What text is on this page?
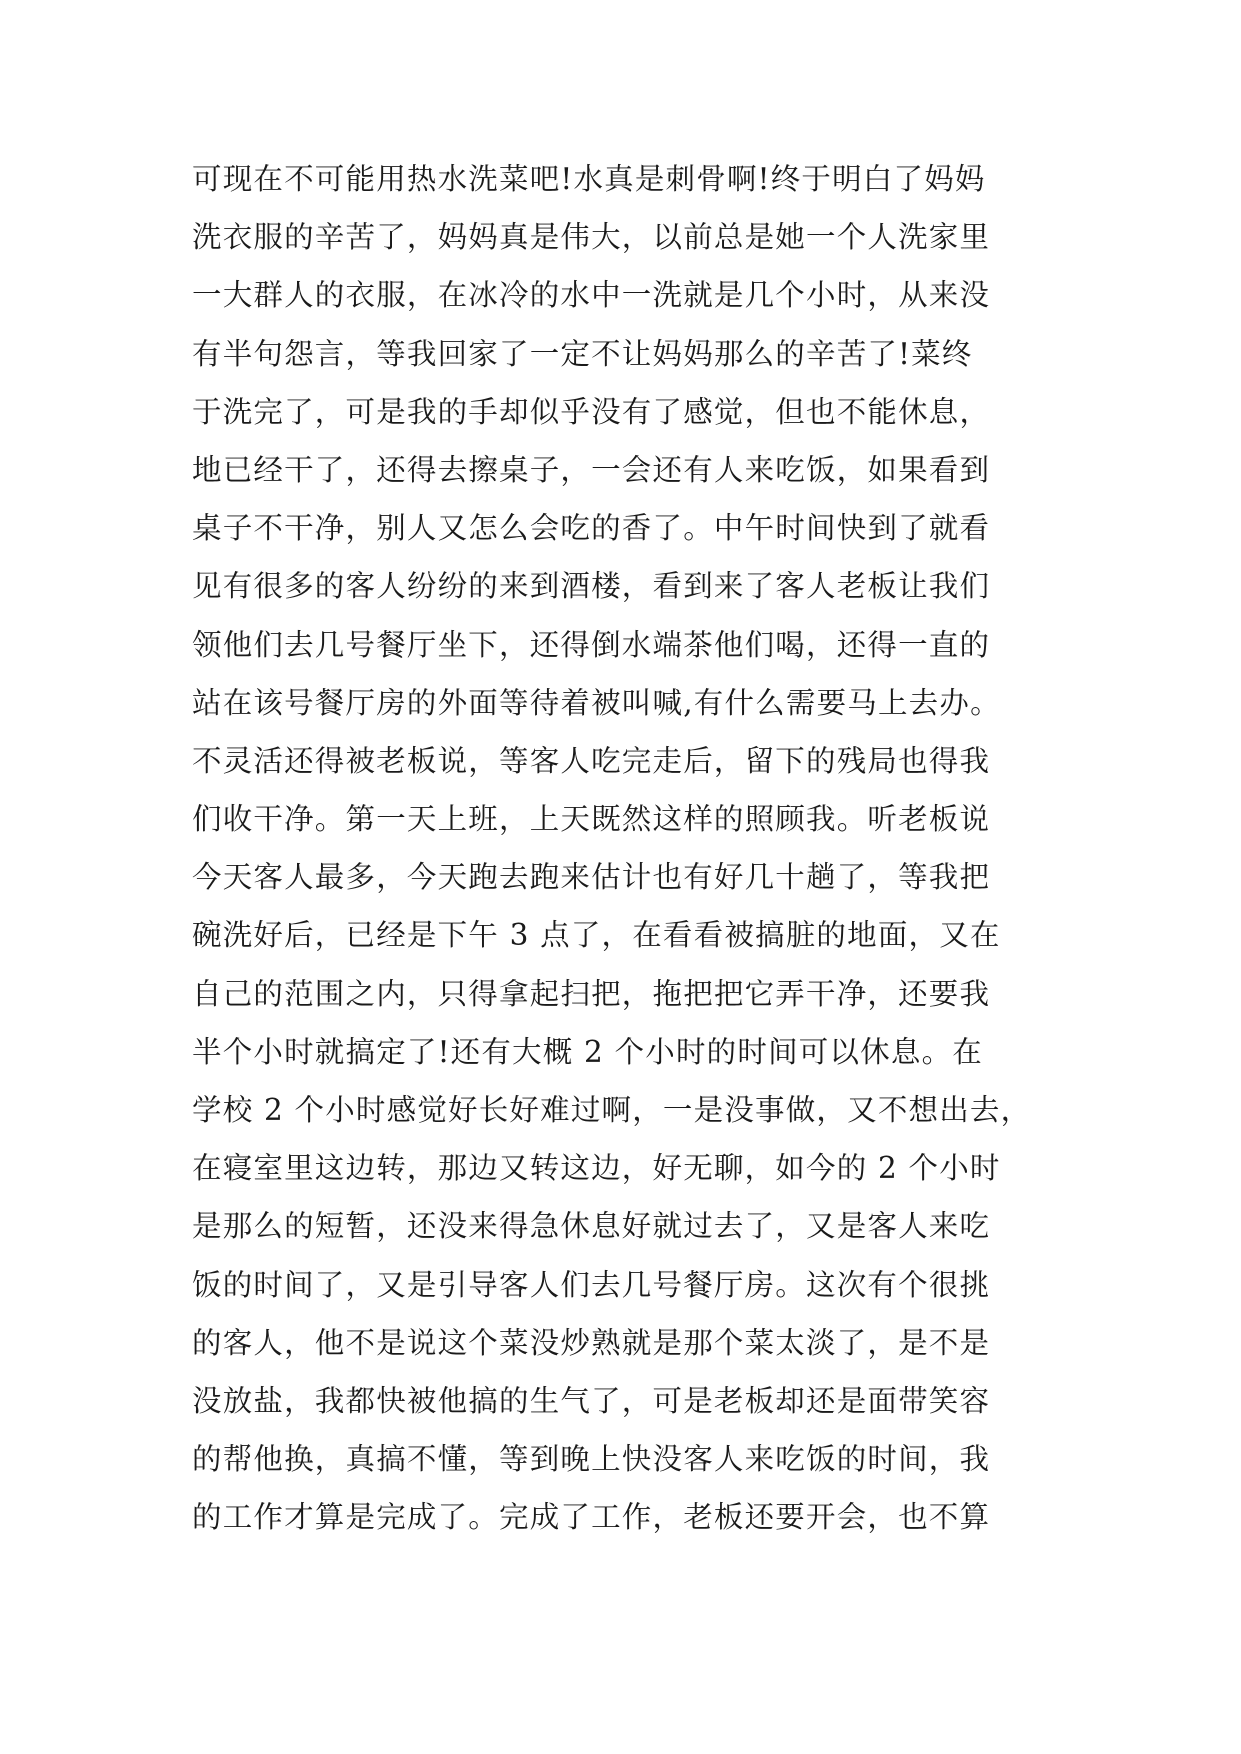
可现在不可能用热水洗菜吧!水真是刺骨啊!终于明白了妈妈
洗衣服的辛苦了，妈妈真是伟大，以前总是她一个人洗家里
一大群人的衣服，在冰冷的水中一洗就是几个小时，从来没
有半句怨言，等我回家了一定不让妈妈那么的辛苦了!菜终
于洗完了，可是我的手却似乎没有了感觉，但也不能休息，
地已经干了，还得去擦桌子，一会还有人来吃饭，如果看到
桌子不干净，别人又怎么会吃的香了。中午时间快到了就看
见有很多的客人纷纷的来到酒楼，看到来了客人老板让我们
领他们去几号餐厅坐下，还得倒水端茶他们喝，还得一直的
站在该号餐厅房的外面等待着被叫喊,有什么需要马上去办。
不灵活还得被老板说，等客人吃完走后，留下的残局也得我
们收干净。第一天上班，上天既然这样的照顾我。听老板说
今天客人最多，今天跑去跑来估计也有好几十趟了，等我把
碗洗好后，已经是下午 3 点了，在看看被搞脏的地面，又在
自己的范围之内，只得拿起扫把，拖把把它弄干净，还要我
半个小时就搞定了!还有大概 2 个小时的时间可以休息。在
学校 2 个小时感觉好长好难过啊，一是没事做，又不想出去，
在寝室里这边转，那边又转这边，好无聊，如今的 2 个小时
是那么的短暂，还没来得急休息好就过去了，又是客人来吃
饭的时间了，又是引导客人们去几号餐厅房。这次有个很挑
的客人，他不是说这个菜没炒熟就是那个菜太淡了，是不是
没放盐，我都快被他搞的生气了，可是老板却还是面带笑容
的帮他换，真搞不懂，等到晚上快没客人来吃饭的时间，我
的工作才算是完成了。完成了工作，老板还要开会，也不算
